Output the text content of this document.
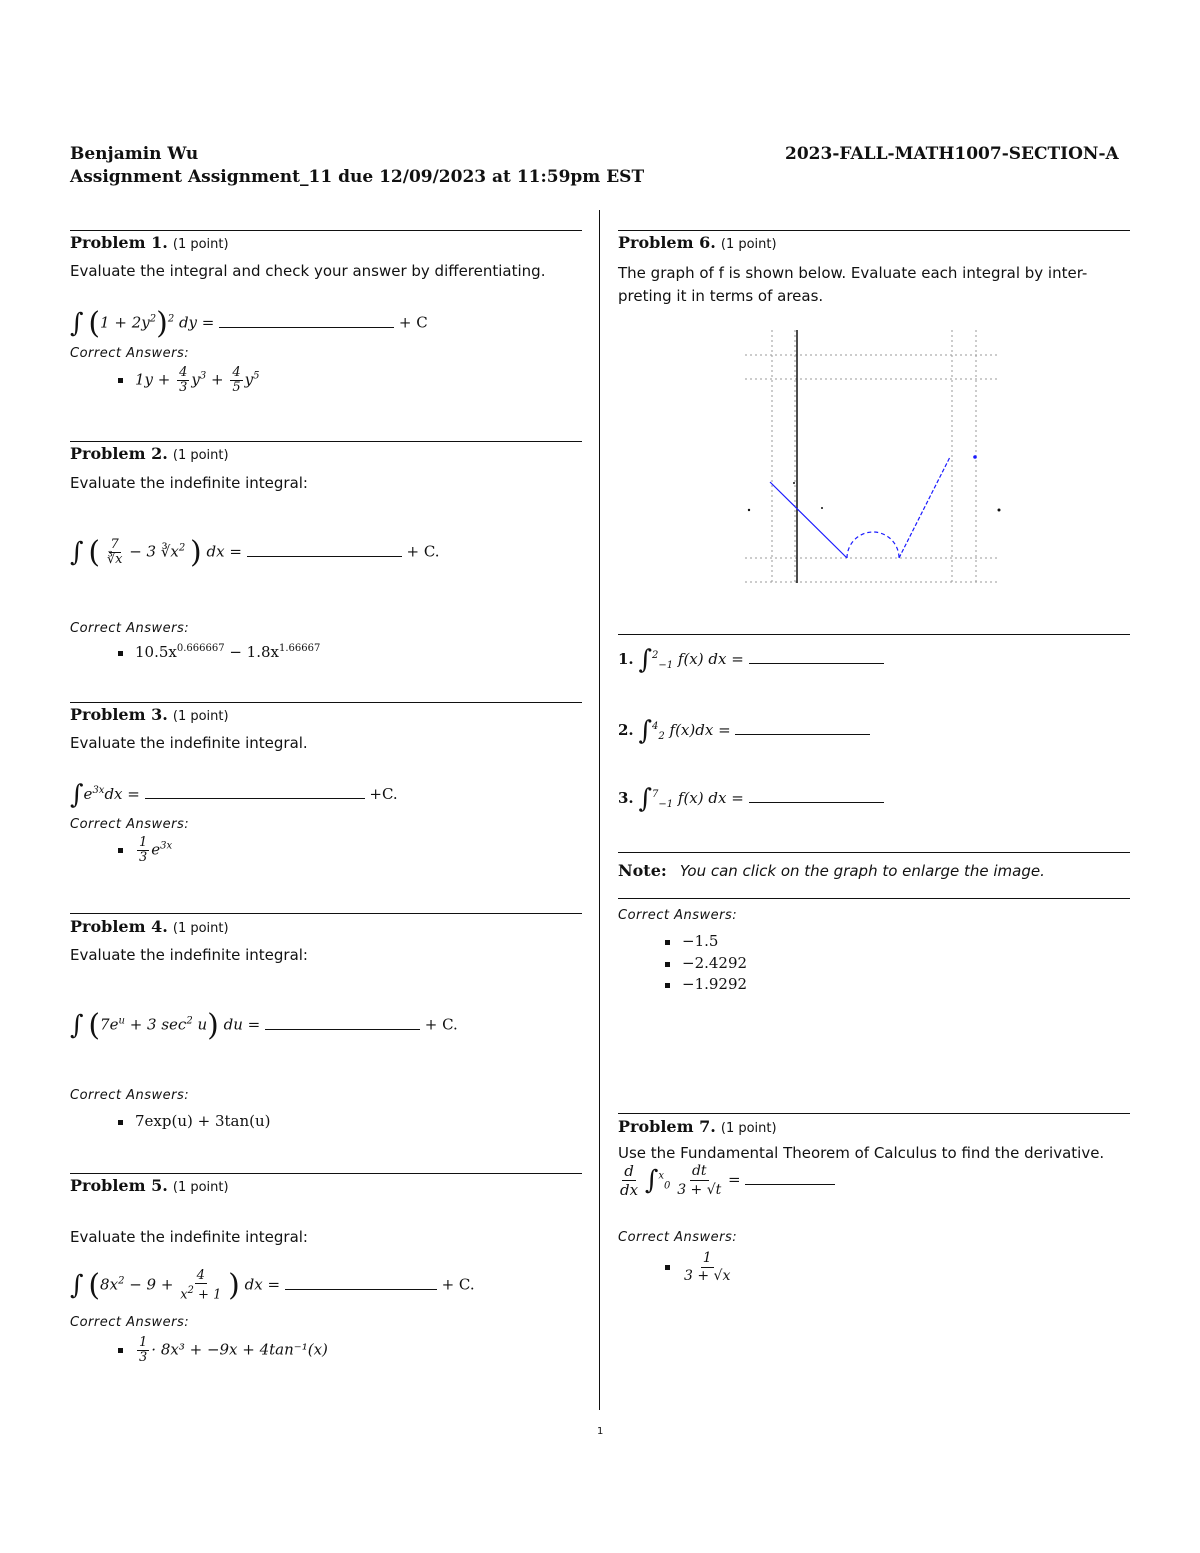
Benjamin Wu	2023-FALL-MATH1007-SECTION-A
Assignment Assignment_11 due 12/09/2023 at 11:59pm EST
Problem 1. (1 point)
Evaluate the integral and check your answer by differentiating.
∫ $(1 + 2y^2)^2$ dy =	+ C
Correct Answers:
$1y + \frac{4}{3} y^3 + \frac{4}{5} y^5$
Problem 2. (1 point)
Evaluate the indefinite integral:
∫ ( $\frac{7}{∛x} - 3$ $∛x^2$ ) dx =	+ C.
Correct Answers:
$10.5x^{0.666667} - 1.8x^{1.66667}$
Problem 3. (1 point)
Evaluate the indefinite integral.
$\int e^{3x}dx$ =	+C.
Correct Answers:
$\frac{1}{3} e^{3x}$
Problem 4. (1 point)
Evaluate the indefinite integral:
∫ ($7e^u + 3$ $\sec^2 u$) du =	+ C.
Correct Answers:
7exp(u) + 3tan(u)
Problem 5. (1 point)
Evaluate the indefinite integral:
∫ ($8x^2 - 9 + \frac{4}{x^2 + 1}$ ) dx =	+ C.
Correct Answers:
$\frac{1}{3} \cdot 8x^3 + -9x + 4\tan^{-1}(x)$
Problem 6. (1 point)
The graph of f is shown below. Evaluate each integral by inter-preting it in terms of areas.
1. ∫$^2_{-1}$ f(x) dx =
2. ∫$^4_2$ f(x)dx =
3. ∫$^7_{-1}$ f(x) dx =
Note: You can click on the graph to enlarge the image.
Correct Answers:
−1.5
−2.4292
−1.9292
Problem 7. (1 point)
Use the Fundamental Theorem of Calculus to find the derivative.
$\frac{d}{dx} \int^x_0 \frac{dt}{3 + √t}$ =
Correct Answers:
$\frac{1}{3 + √x}$
1
